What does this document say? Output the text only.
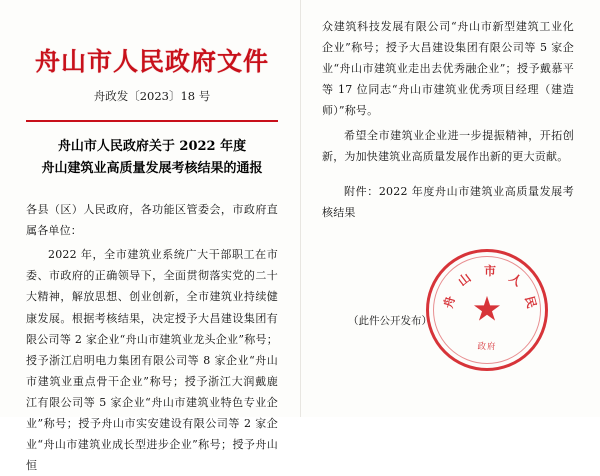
舟山市人民政府文件
舟政发〔2023〕18 号
舟山市人民政府关于 2022 年度
舟山建筑业高质量发展考核结果的通报

各县（区）人民政府，各功能区管委会，市政府直属各单位：

2022 年，全市建筑业系统广大干部职工在市委、市政府的正确领导下，全面贯彻落实党的二十大精神，解放思想、创业创新，全市建筑业持续健康发展。根据考核结果，决定授予大昌建设集团有限公司等 2 家企业“舟山市建筑业龙头企业”称号；授予浙江启明电力集团有限公司等 8 家企业“舟山市建筑业重点骨干企业”称号；授予浙江大润戴鹿江有限公司等 5 家企业“舟山市建筑业特色专业企业”称号；授予舟山市实安建设有限公司等 2 家企业“舟山市建筑业成长型进步企业”称号；授予舟山恒

众建筑科技发展有限公司“舟山市新型建筑工业化企业”称号；授予大昌建设集团有限公司等 5 家企业“舟山市建筑业走出去优秀融企业”；授予戴慕平等 17 位同志“舟山市建筑业优秀项目经理（建造师）”称号。

希望全市建筑业企业进一步提振精神，开拓创新，为加快建筑业高质量发展作出新的更大贡献。

附件：2022 年度舟山市建筑业高质量发展考核结果

（此件公开发布）
舟
山 市 人
民
★
政府
